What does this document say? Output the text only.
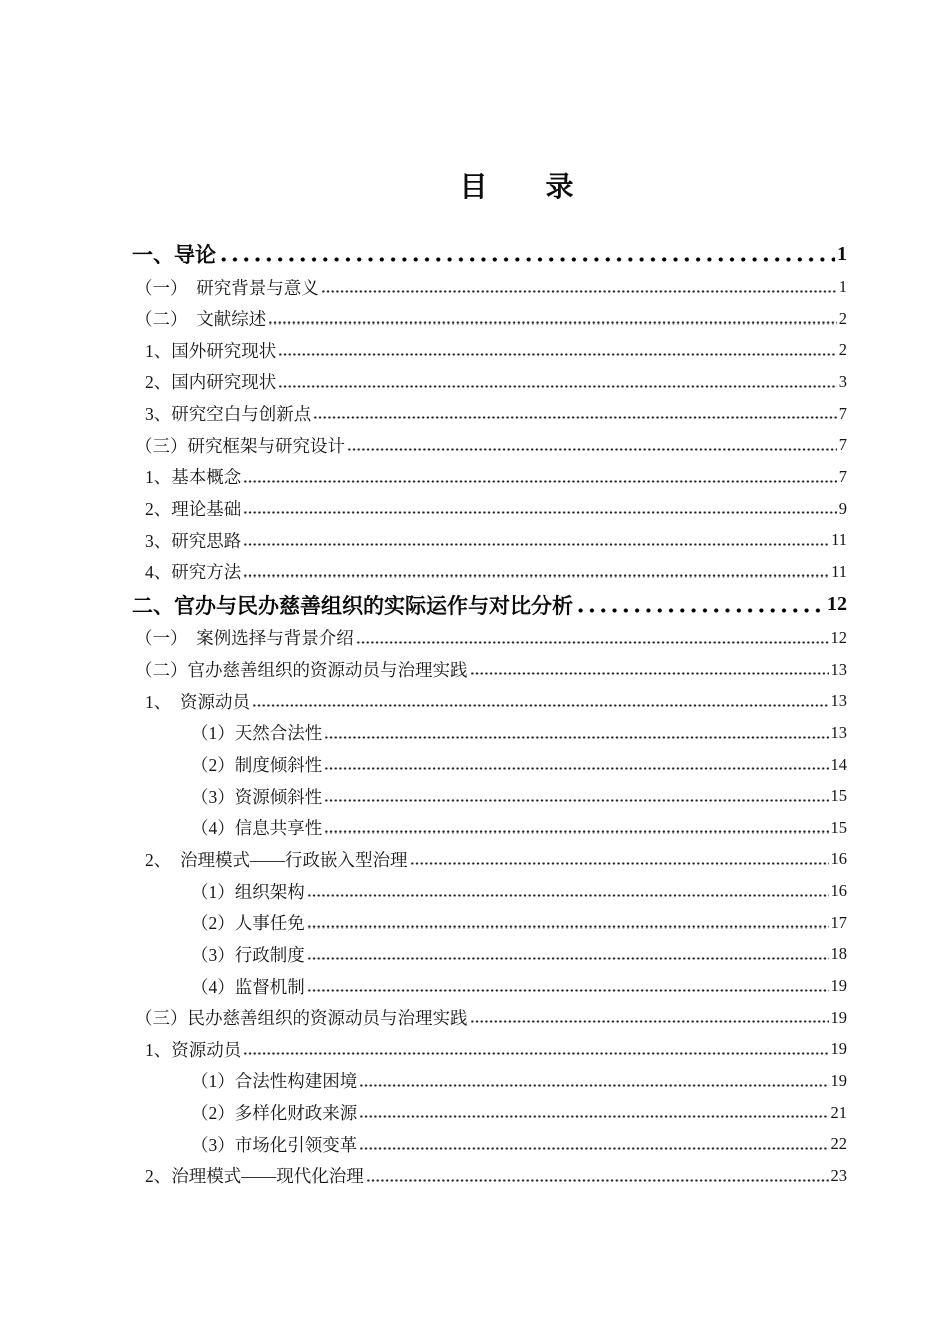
目 录
一、导论	1
（一）　研究背景与意义	1
（二）　文献综述	2
1、国外研究现状	2
2、国内研究现状	3
3、研究空白与创新点	7
（三）研究框架与研究设计	7
1、基本概念	7
2、理论基础	9
3、研究思路	11
4、研究方法	11
二、官办与民办慈善组织的实际运作与对比分析	12
（一）　案例选择与背景介绍	12
（二）官办慈善组织的资源动员与治理实践	13
1、　资源动员	13
（1）天然合法性	13
（2）制度倾斜性	14
（3）资源倾斜性	15
（4）信息共享性	15
2、　治理模式——行政嵌入型治理	16
（1）组织架构	16
（2）人事任免	17
（3）行政制度	18
（4）监督机制	19
（三）民办慈善组织的资源动员与治理实践	19
1、资源动员	19
（1）合法性构建困境	19
（2）多样化财政来源	21
（3）市场化引领变革	22
2、治理模式——现代化治理	23
